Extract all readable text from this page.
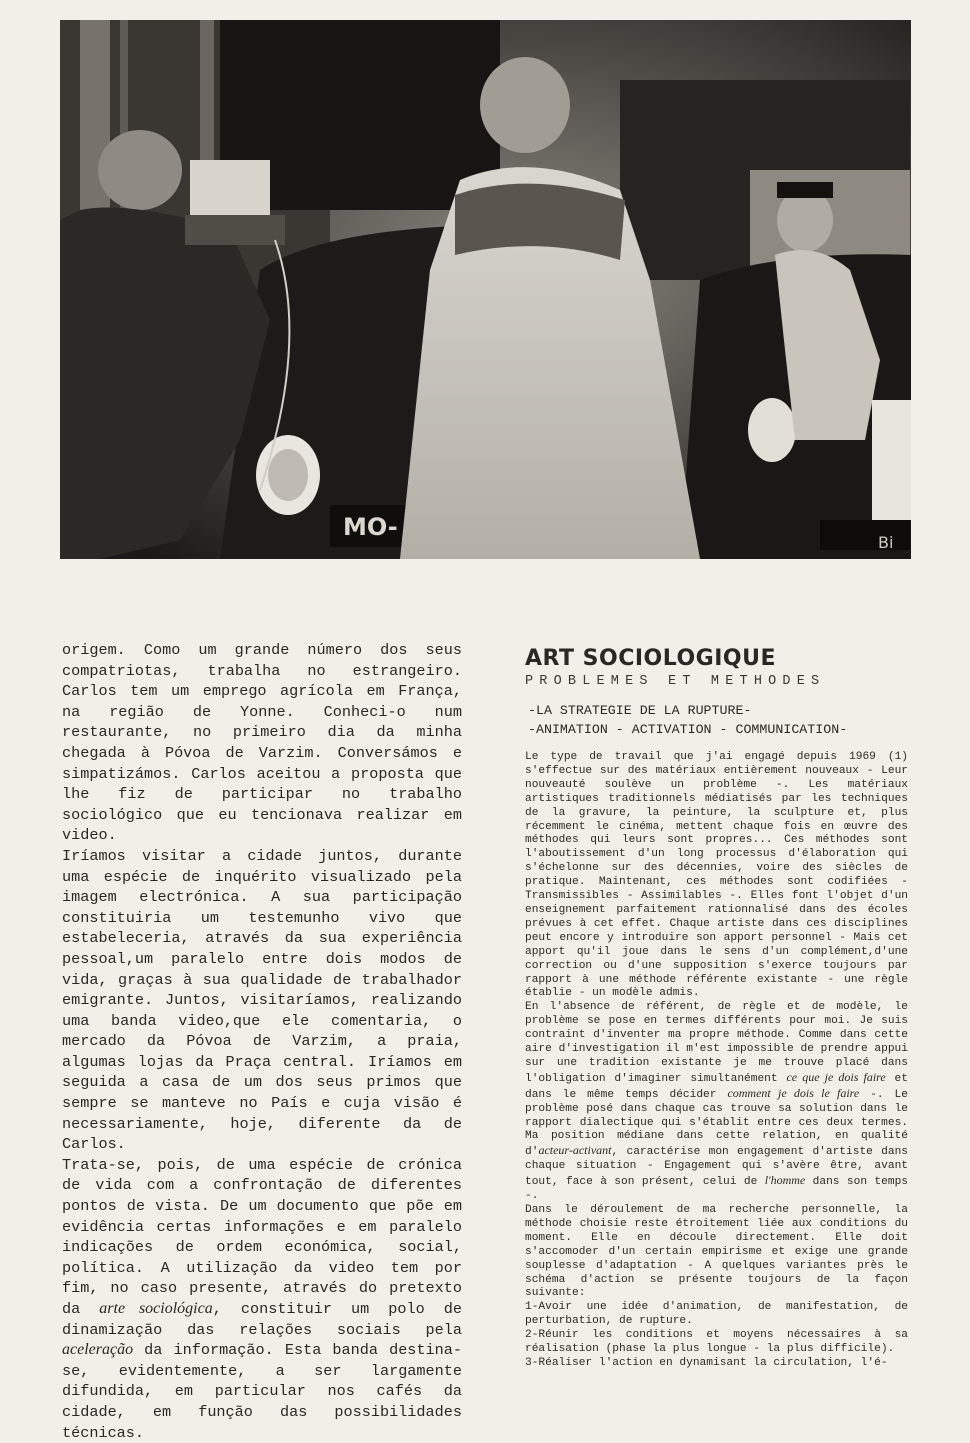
MO-
Bi

origem. Como um grande número dos seus compatriotas, trabalha no estrangeiro. Carlos tem um emprego agrícola em França, na região de Yonne. Conheci-o num restaurante, no primeiro dia da minha chegada à Póvoa de Varzim. Conversámos e simpatizámos. Carlos aceitou a proposta que lhe fiz de participar no trabalho sociológico que eu tencionava realizar em video.

Iríamos visitar a cidade juntos, durante uma espécie de inquérito visualizado pela imagem electrónica. A sua participação constituiria um testemunho vivo que estabeleceria, através da sua experiência pessoal,um paralelo entre dois modos de vida, graças à sua qualidade de trabalhador emigrante. Juntos, visitaríamos, realizando uma banda video,que ele comentaria, o mercado da Póvoa de Varzim, a praia, algumas lojas da Praça central. Iríamos em seguida a casa de um dos seus primos que sempre se manteve no País e cuja visão é necessariamente, hoje, diferente da de Carlos.

Trata-se, pois, de uma espécie de crónica de vida com a confrontação de diferentes pontos de vista. De um documento que põe em evidência certas informações e em paralelo indicações de ordem económica, social, política. A utilização da video tem por fim, no caso presente, através do pretexto da arte sociológica, constituir um polo de dinamização das relações sociais pela aceleração da informação. Esta banda destina-se, evidentemente, a ser largamente difundida, em particular nos cafés da cidade, em função das possibilidades técnicas.

ART SOCIOLOGIQUE
PROBLEMES ET METHODES
-LA STRATEGIE DE LA RUPTURE-
-ANIMATION - ACTIVATION - COMMUNICATION-

Le type de travail que j'ai engagé depuis 1969 (1) s'effectue sur des matériaux entièrement nouveaux - Leur nouveauté soulève un problème -. Les matériaux artistiques traditionnels médiatisés par les techniques de la gravure, la peinture, la sculpture et, plus récemment le cinéma, mettent chaque fois en œuvre des méthodes qui leurs sont propres... Ces méthodes sont l'aboutissement d'un long processus d'élaboration qui s'échelonne sur des décennies, voire des siècles de pratique. Maintenant, ces méthodes sont codifiées - Transmissibles - Assimilables -. Elles font l'objet d'un enseignement parfaitement rationnalisé dans des écoles prévues à cet effet. Chaque artiste dans ces disciplines peut encore y introduire son apport personnel - Mais cet apport qu'il joue dans le sens d'un complément,d'une correction ou d'une supposition s'exerce toujours par rapport à une méthode référente existante - une règle établie - un modèle admis.

En l'absence de référent, de règle et de modèle, le problème se pose en termes différents pour moi. Je suis contraint d'inventer ma propre méthode. Comme dans cette aire d'investigation il m'est impossible de prendre appui sur une tradition existante je me trouve placé dans l'obligation d'imaginer simultanément ce que je dois faire et dans le même temps décider comment je dois le faire -. Le problème posé dans chaque cas trouve sa solution dans le rapport dialectique qui s'établit entre ces deux termes. Ma position médiane dans cette relation, en qualité d'acteur-activant, caractérise mon engagement d'artiste dans chaque situation - Engagement qui s'avère être, avant tout, face à son présent, celui de l'homme dans son temps -.

Dans le déroulement de ma recherche personnelle, la méthode choisie reste étroitement liée aux conditions du moment. Elle en découle directement. Elle doit s'accomoder d'un certain empirisme et exige une grande souplesse d'adaptation - A quelques variantes près le schéma d'action se présente toujours de la façon suivante:

1-Avoir une idée d'animation, de manifestation, de perturbation, de rupture.

2-Réunir les conditions et moyens nécessaires à sa réalisation (phase la plus longue - la plus difficile).

3-Réaliser l'action en dynamisant la circulation, l'é-
